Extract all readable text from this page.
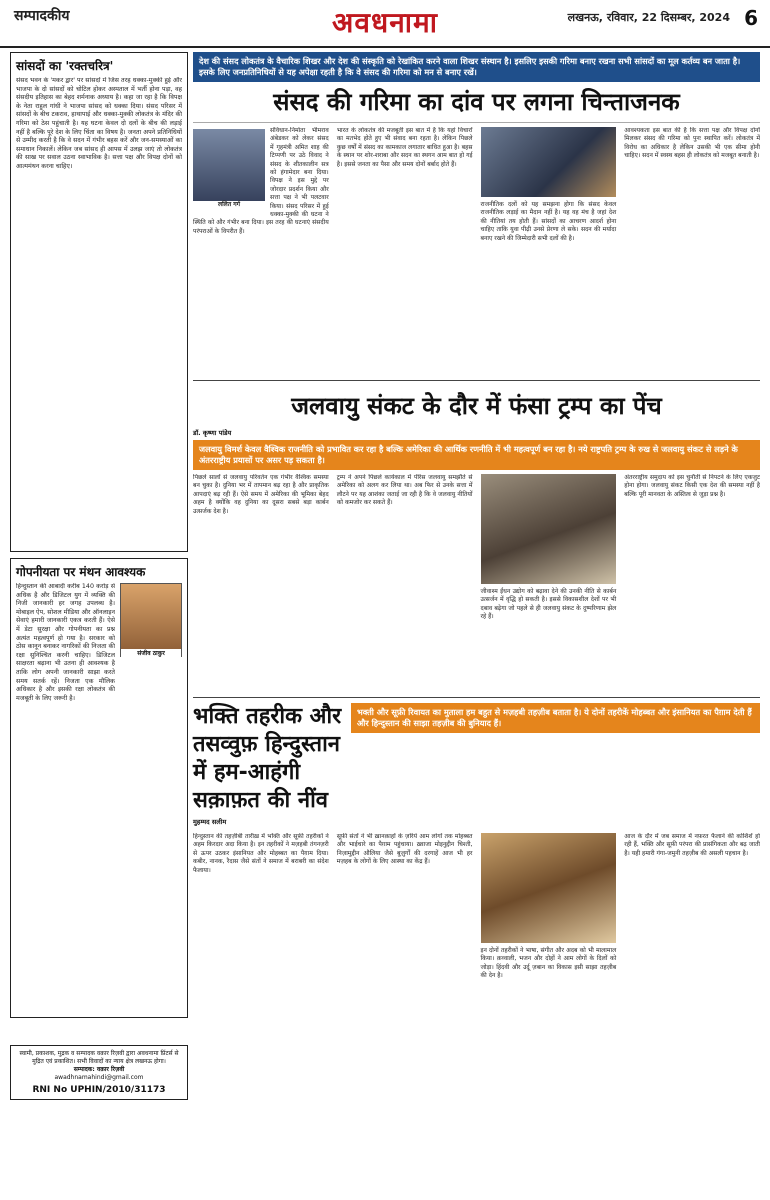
सम्पादकीय	अवधनामा	लखनऊ, रविवार, 22 दिसम्बर, 2024 6
सांसदों का 'रक्तचरित्र'
संसद भवन के 'मकर द्वार' पर सांसदों में जिस तरह धक्का-मुक्की हुई और भाजपा के दो सांसदों को चोटिल होकर अस्पताल में भर्ती होना पड़ा, वह संसदीय इतिहास का बेहद शर्मनाक अध्याय है। कहा जा रहा है कि विपक्ष के नेता राहुल गांधी ने भाजपा सांसद को धक्का दिया। संसद परिसर में सांसदों के बीच टकराव, हाथापाई और धक्का-मुक्की लोकतंत्र के मंदिर की गरिमा को ठेस पहुंचाती है। यह घटना केवल दो दलों के बीच की लड़ाई नहीं है बल्कि पूरे देश के लिए चिंता का विषय है। जनता अपने प्रतिनिधियों से उम्मीद करती है कि वे सदन में गंभीर बहस करें और जन-समस्याओं का समाधान निकालें। लेकिन जब सांसद ही आपस में उलझ जाएं तो लोकतंत्र की साख पर सवाल उठना स्वाभाविक है। सत्ता पक्ष और विपक्ष दोनों को आत्ममंथन करना चाहिए।
गोपनीयता पर मंथन आवश्यक
संजीव ठाकुर
हिन्दुस्तान की आबादी करीब 140 करोड़ से अधिक है और डिजिटल युग में व्यक्ति की निजी जानकारी हर जगह उपलब्ध है। मोबाइल ऐप, सोशल मीडिया और ऑनलाइन सेवाएं हमारी जानकारी एकत्र करती हैं। ऐसे में डेटा सुरक्षा और गोपनीयता का प्रश्न अत्यंत महत्वपूर्ण हो गया है। सरकार को ठोस कानून बनाकर नागरिकों की निजता की रक्षा सुनिश्चित करनी चाहिए। डिजिटल साक्षरता बढ़ाना भी उतना ही आवश्यक है ताकि लोग अपनी जानकारी साझा करते समय सतर्क रहें। निजता एक मौलिक अधिकार है और इसकी रक्षा लोकतंत्र की मजबूती के लिए जरूरी है।
स्वामी, प्रकाशक, मुद्रक व सम्पादक वक़ार रिज़वी द्वारा अवधनामा प्रिंटर्स से मुद्रित एवं प्रकाशित। सभी विवादों का न्याय क्षेत्र लखनऊ होगा।
सम्पादक: वक़ार रिज़वी
awadhnamahindi@gmail.com
RNI No UPHIN/2010/31173
देश की संसद लोकतंत्र के वैचारिक शिखर और देश की संस्कृति को रेखांकित करने वाला शिखर संस्थान है। इसलिए इसकी गरिमा बनाए रखना सभी सांसदों का मूल कर्तव्य बन जाता है। इसके लिए जनप्रतिनिधियों से यह अपेक्षा रहती है कि वे संसद की गरिमा को मन से बनाए रखें।
संसद की गरिमा का दांव पर लगना चिन्ताजनक
ललित गर्ग
संविधान-निर्माता भीमराव अंबेडकर को लेकर संसद में गृहमंत्री अमित शाह की टिप्पणी पर उठे विवाद ने संसद के शीतकालीन सत्र को हंगामेदार बना दिया। विपक्ष ने इस मुद्दे पर जोरदार प्रदर्शन किया और सत्ता पक्ष ने भी पलटवार किया। संसद परिसर में हुई धक्का-मुक्की की घटना ने स्थिति को और गंभीर बना दिया। इस तरह की घटनाएं संसदीय परंपराओं के विपरीत हैं।
भारत के लोकतंत्र की मजबूती इस बात में है कि यहां विचारों का मतभेद होते हुए भी संवाद बना रहता है। लेकिन पिछले कुछ वर्षों में संसद का कामकाज लगातार बाधित हुआ है। बहस के स्थान पर शोर-शराबा और सदन का स्थगन आम बात हो गई है। इससे जनता का पैसा और समय दोनों बर्बाद होते हैं।
राजनीतिक दलों को यह समझना होगा कि संसद केवल राजनीतिक लड़ाई का मैदान नहीं है। यह वह मंच है जहां देश की नीतियां तय होती हैं। सांसदों का आचरण आदर्श होना चाहिए ताकि युवा पीढ़ी उनसे प्रेरणा ले सके। सदन की मर्यादा बनाए रखने की जिम्मेदारी सभी दलों की है।
आवश्यकता इस बात की है कि सत्ता पक्ष और विपक्ष दोनों मिलकर संसद की गरिमा को पुनः स्थापित करें। लोकतंत्र में विरोध का अधिकार है लेकिन उसकी भी एक सीमा होनी चाहिए। सदन में स्वस्थ बहस ही लोकतंत्र को मजबूत बनाती है।
जलवायु संकट के दौर में फंसा ट्रम्प का पेंच
डॉ. कृष्णा पांडेय
जलवायु विमर्श केवल वैश्विक राजनीति को प्रभावित कर रहा है बल्कि अमेरिका की आर्थिक रणनीति में भी महत्वपूर्ण बन रहा है। नये राष्ट्रपति ट्रम्प के रुख से जलवायु संकट से लड़ने के अंतरराष्ट्रीय प्रयासों पर असर पड़ सकता है।
पिछले सालों से जलवायु परिवर्तन एक गंभीर वैश्विक समस्या बन चुका है। दुनिया भर में तापमान बढ़ रहा है और प्राकृतिक आपदाएं बढ़ रही हैं। ऐसे समय में अमेरिका की भूमिका बेहद अहम है क्योंकि वह दुनिया का दूसरा सबसे बड़ा कार्बन उत्सर्जक देश है।
ट्रम्प ने अपने पिछले कार्यकाल में पेरिस जलवायु समझौते से अमेरिका को अलग कर लिया था। अब फिर से उनके सत्ता में लौटने पर यह आशंका जताई जा रही है कि वे जलवायु नीतियों को कमजोर कर सकते हैं।
जीवाश्म ईंधन उद्योग को बढ़ावा देने की उनकी नीति से कार्बन उत्सर्जन में वृद्धि हो सकती है। इससे विकासशील देशों पर भी दबाव बढ़ेगा जो पहले से ही जलवायु संकट के दुष्परिणाम झेल रहे हैं।
अंतरराष्ट्रीय समुदाय को इस चुनौती से निपटने के लिए एकजुट होना होगा। जलवायु संकट किसी एक देश की समस्या नहीं है बल्कि पूरी मानवता के अस्तित्व से जुड़ा प्रश्न है।
भक्ति तहरीक और तसव्वुफ़ हिन्दुस्तान में हम-आहंगी सक़ाफ़त की नींव
मुहम्मद सलीम
भक्ती और सूफ़ी रिवायत का मुताला हम बहुत से मज़हबी तहज़ीब बताता है। ये दोनों तहरीकें मोहब्बत और इंसानियत का पैग़ाम देती हैं और हिन्दुस्तान की साझा तहज़ीब की बुनियाद हैं।
हिन्दुस्तान की तहज़ीबी तारीख़ में भक्ति और सूफ़ी तहरीकों ने अहम किरदार अदा किया है। इन तहरीकों ने मज़हबी तंगनज़री से ऊपर उठकर इंसानियत और मोहब्बत का पैग़ाम दिया। कबीर, नानक, रैदास जैसे संतों ने समाज में बराबरी का संदेश फैलाया।
सूफ़ी संतों ने भी ख़ानक़ाहों के ज़रिये आम लोगों तक मोहब्बत और भाईचारे का पैग़ाम पहुंचाया। ख़्वाजा मोइनुद्दीन चिश्ती, निज़ामुद्दीन औलिया जैसे बुज़ुर्गों की दरगाहें आज भी हर मज़हब के लोगों के लिए आस्था का केंद्र हैं।
इन दोनों तहरीकों ने भाषा, संगीत और अदब को भी मालामाल किया। क़व्वाली, भजन और दोहों ने आम लोगों के दिलों को जोड़ा। हिंदवी और उर्दू ज़बान का विकास इसी साझा तहज़ीब की देन है।
आज के दौर में जब समाज में नफ़रत फैलाने की कोशिशें हो रही हैं, भक्ति और सूफ़ी परंपरा की प्रासंगिकता और बढ़ जाती है। यही हमारी गंगा-जमुनी तहज़ीब की असली पहचान है।
